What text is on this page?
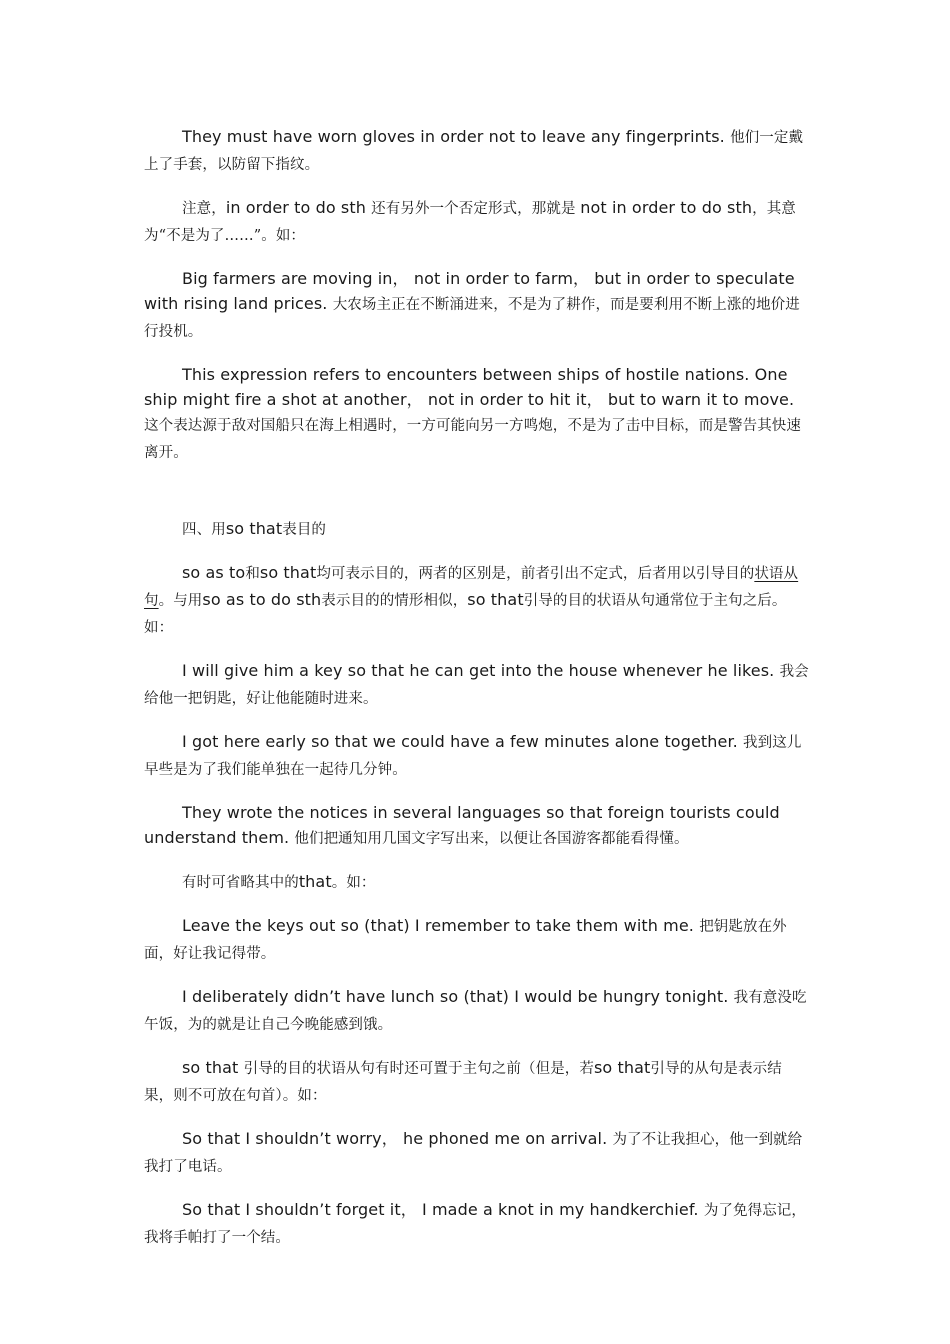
They must have worn gloves in order not to leave any fingerprints. 他们一定戴上了手套，以防留下指纹。

注意，in order to do sth 还有另外一个否定形式，那就是 not in order to do sth，其意为“不是为了……”。如：

Big farmers are moving in， not in order to farm， but in order to speculate with rising land prices. 大农场主正在不断涌进来，不是为了耕作，而是要利用不断上涨的地价进行投机。

This expression refers to encounters between ships of hostile nations. One ship might fire a shot at another， not in order to hit it， but to warn it to move. 这个表达源于敌对国船只在海上相遇时，一方可能向另一方鸣炮，不是为了击中目标，而是警告其快速离开。

四、用so that表目的

so as to和so that均可表示目的，两者的区别是，前者引出不定式，后者用以引导目的状语从句。与用so as to do sth表示目的的情形相似，so that引导的目的状语从句通常位于主句之后。如：

I will give him a key so that he can get into the house whenever he likes. 我会给他一把钥匙，好让他能随时进来。

I got here early so that we could have a few minutes alone together. 我到这儿早些是为了我们能单独在一起待几分钟。

They wrote the notices in several languages so that foreign tourists could understand them. 他们把通知用几国文字写出来，以便让各国游客都能看得懂。

有时可省略其中的that。如：

Leave the keys out so (that) I remember to take them with me. 把钥匙放在外面，好让我记得带。

I deliberately didn’t have lunch so (that) I would be hungry tonight. 我有意没吃午饭，为的就是让自己今晚能感到饿。

so that 引导的目的状语从句有时还可置于主句之前（但是，若so that引导的从句是表示结果，则不可放在句首）。如：

So that I shouldn’t worry， he phoned me on arrival. 为了不让我担心，他一到就给我打了电话。

So that I shouldn’t forget it， I made a knot in my handkerchief. 为了免得忘记，我将手帕打了一个结。
